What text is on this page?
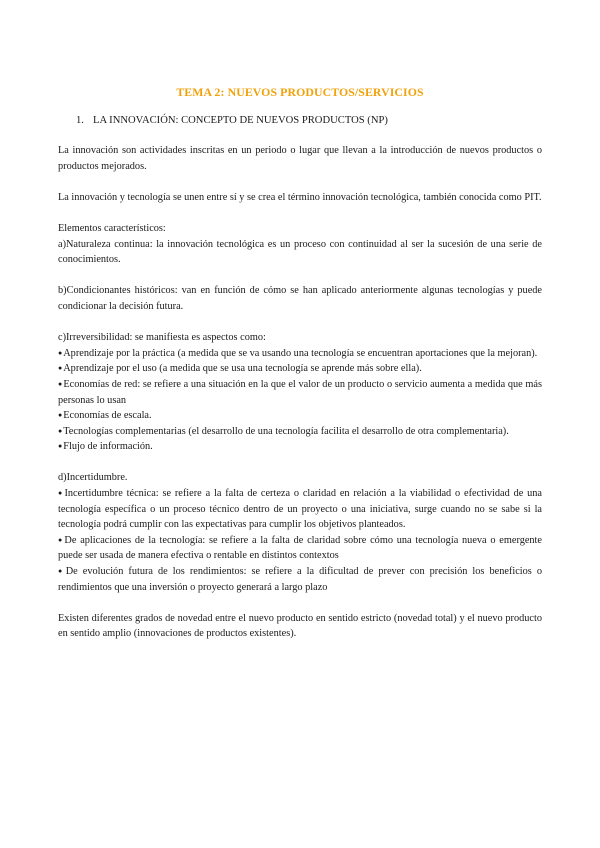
TEMA 2: NUEVOS PRODUCTOS/SERVICIOS
1. LA INNOVACIÓN: CONCEPTO DE NUEVOS PRODUCTOS (NP)

La innovación son actividades inscritas en un periodo o lugar que llevan a la introducción de nuevos productos o productos mejorados.

La innovación y tecnología se unen entre sí y se crea el término innovación tecnológica, también conocida como PIT.

Elementos característicos:

a)Naturaleza continua: la innovación tecnológica es un proceso con continuidad al ser la sucesión de una serie de conocimientos.

b)Condicionantes históricos: van en función de cómo se han aplicado anteriormente algunas tecnologías y puede condicionar la decisión futura.

c)Irreversibilidad: se manifiesta es aspectos como:

● Aprendizaje por la práctica (a medida que se va usando una tecnología se encuentran aportaciones que la mejoran).

● Aprendizaje por el uso (a medida que se usa una tecnología se aprende más sobre ella).

● Economías de red: se refiere a una situación en la que el valor de un producto o servicio aumenta a medida que más personas lo usan

● Economías de escala.

● Tecnologías complementarias (el desarrollo de una tecnología facilita el desarrollo de otra complementaria).

● Flujo de información.

d)Incertidumbre.

● Incertidumbre técnica: se refiere a la falta de certeza o claridad en relación a la viabilidad o efectividad de una tecnología específica o un proceso técnico dentro de un proyecto o una iniciativa, surge cuando no se sabe si la tecnología podrá cumplir con las expectativas para cumplir los objetivos planteados.

● De aplicaciones de la tecnología: se refiere a la falta de claridad sobre cómo una tecnología nueva o emergente puede ser usada de manera efectiva o rentable en distintos contextos

● De evolución futura de los rendimientos: se refiere a la dificultad de prever con precisión los beneficios o rendimientos que una inversión o proyecto generará a largo plazo

Existen diferentes grados de novedad entre el nuevo producto en sentido estricto (novedad total) y el nuevo producto en sentido amplio (innovaciones de productos existentes).
